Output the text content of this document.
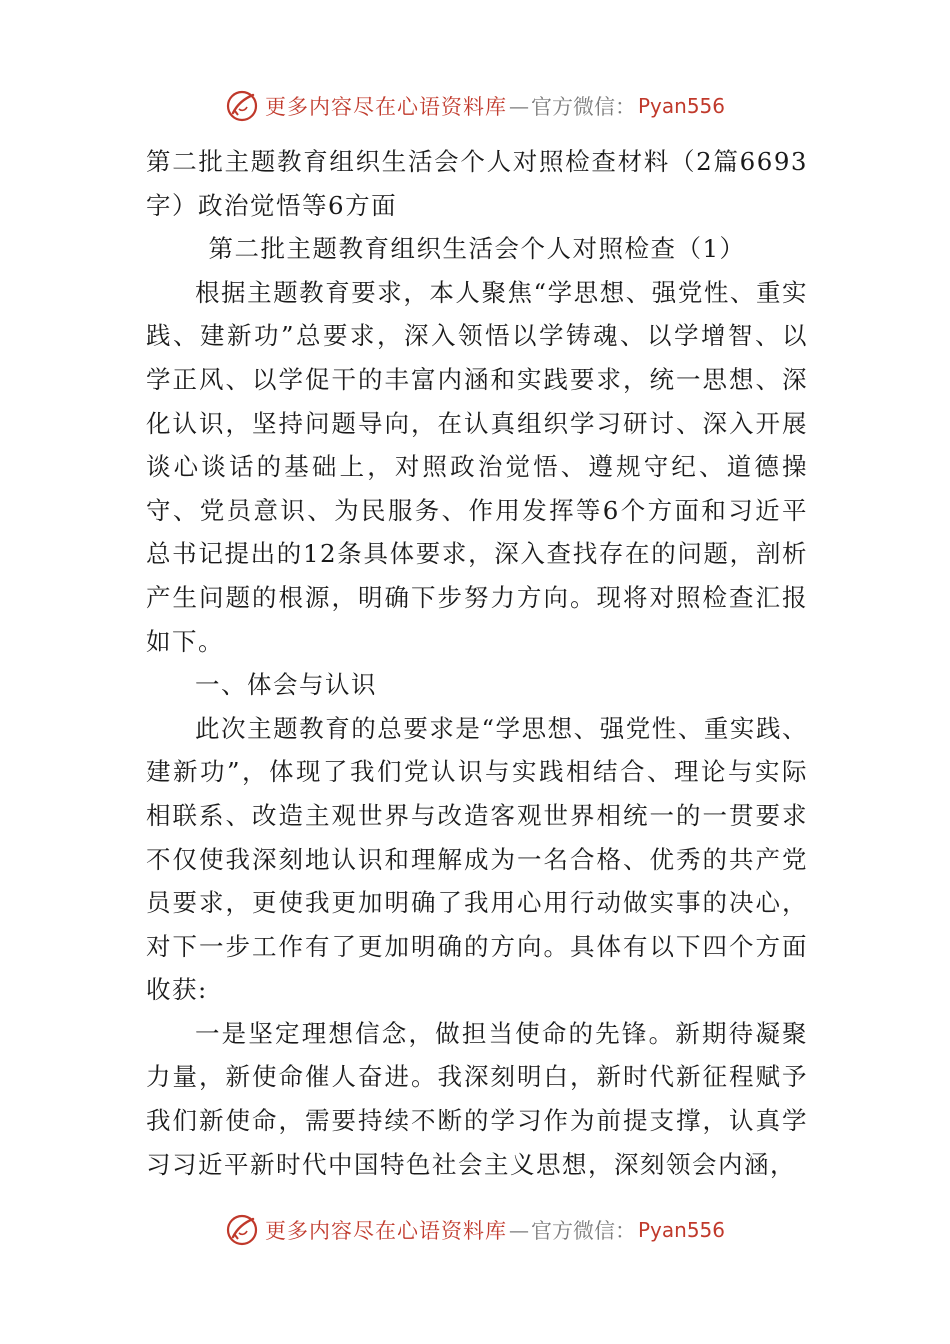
更多内容尽在心语资料库 — 官方微信： Pyan556

第二批主题教育组织生活会个人对照检查材料（2篇6693字）政治觉悟等6方面

第二批主题教育组织生活会个人对照检查（1）

根据主题教育要求，本人聚焦“学思想、强党性、重实践、建新功”总要求，深入领悟以学铸魂、以学增智、以学正风、以学促干的丰富内涵和实践要求，统一思想、深化认识，坚持问题导向，在认真组织学习研讨、深入开展谈心谈话的基础上，对照政治觉悟、遵规守纪、道德操守、党员意识、为民服务、作用发挥等6个方面和习近平总书记提出的12条具体要求，深入查找存在的问题，剖析产生问题的根源，明确下步努力方向。现将对照检查汇报如下。

一、体会与认识

此次主题教育的总要求是“学思想、强党性、重实践、建新功”，体现了我们党认识与实践相结合、理论与实际相联系、改造主观世界与改造客观世界相统一的一贯要求不仅使我深刻地认识和理解成为一名合格、优秀的共产党员要求，更使我更加明确了我用心用行动做实事的决心，对下一步工作有了更加明确的方向。具体有以下四个方面收获:

一是坚定理想信念，做担当使命的先锋。新期待凝聚力量，新使命催人奋进。我深刻明白，新时代新征程赋予我们新使命，需要持续不断的学习作为前提支撑，认真学习习近平新时代中国特色社会主义思想，深刻领会内涵，

更多内容尽在心语资料库 — 官方微信： Pyan556
